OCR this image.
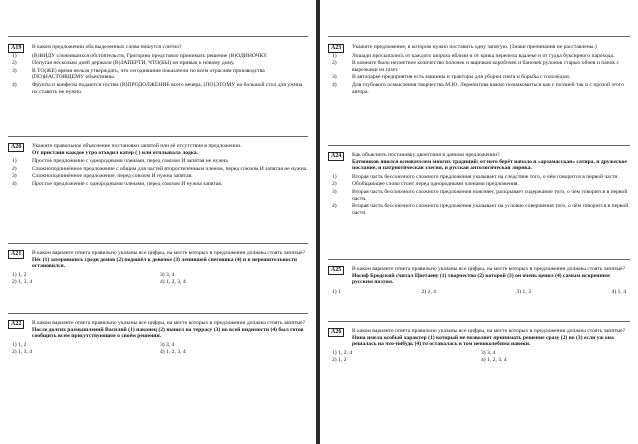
A19	В каком предложении оба выделенных слова пишутся слитно?
1)	(В)ВИДУ сложившихся обстоятельств, Григорию предстояло принимать решение (В)ОДИНОЧКУ.
2)	Попугая несколько дней держали (В)ЗАПЕРТИ, ЧТО(БЫ) он привык к новому дому.
3)	В ТО(ЖЕ) время нельзя утверждать, что сегодняшние показатели по всем отраслям производства (ПО)НАСТОЯЩЕМУ объективны.
4)	Фрукты и конфеты подаются гостям (В)ПРОДОЛЖЕНИЕ всего вечера, (ПО)ЭТОМУ на большой стол для ужина их ставить не нужно.
A20	Укажите правильное объяснение постановки запятой или её отсутствия в предложении.
От пристани каждое утро отходил катер ( ) или отплывала лодка.
1)	Простое предложение с однородными членами, перед союзом И запятая не нужна.
2)	Сложноподчинённое предложение с общим для частей второстепенным членом, перед союзом И запятая не нужна.
3)	Сложноподчинённое предложение, перед союзом И нужна запятая.
4)	Простое предложение с однородными членами, перед союзом И нужна запятая.
A21	В каком варианте ответа правильно указаны все цифры, на месте которых в предложении должны стоять запятые?
Пёс (1) затерявшись среди домов (2) подошёл к девочке (3) лепившей снеговика (4) и в нерешительности остановился.
1) 1, 2	3) 3, 4
2) 1, 3, 4	4) 1, 2, 3, 4
A22	В каком варианте ответа правильно указаны все цифры, на месте которых в предложении должны стоять запятые?
После долгих размышлений Василий (1) наконец (2) вышел на террасу (3) но всей видимости (4) был готов сообщить всем присутствующим о своём решении.
1) 1, 2	3) 3, 4
2) 1, 3, 4	4) 1, 2, 3, 4
A23	Укажите предложение, в котором нужно поставить одну запятую. (Знаки препинания не расставлены.)
1)	Лошади просыпались от каждого шороха вблизи и от крика перепела вдалеке и от гудка буксирного парохода.
2)	В комнате было несметное количество полочек и ящичков коробочек и баночек рулонов старых обоев и папок с вырезками из газет.
3)	В автопарке предприятия есть машины и тракторы для уборки снега и борьбы с гололёдом.
4)	Для глубокого осмысления творчества М.Ю. Лермонтова важно познакомиться как с поэзией так и с прозой этого автора.
A24	Как объяснить постановку двоеточия в данном предложении?
Батюшков явился основателем многих традиций: от него берёт начало и «арзамасская» сатира, и дружеское послание, и патриотическая элегия, и русская антологическая лирика.
1)	Вторая часть бессоюзного сложного предложения указывает на следствие того, о чём говорится в первой части.
2)	Обобщающее слово стоит перед однородными членами предложения.
3)	Вторая часть бессоюзного сложного предложения поясняет, раскрывает содержание того, о чём говорится в первой части.
4)	Вторая часть бессоюзного сложного предложения указывает на условие совершения того, о чём говорится в первой части.
A25	В каком варианте ответа правильно указаны все цифры, на месте которых в предложении должны стоять запятые?
Иосиф Бродский считал Цветаеву (1) творчество (2) которой (3) он очень ценил (4) самым искренним русским поэтом.
1) 1	2) 2, 4	3) 1, 3	4) 1, 4
A26	В каком варианте ответа правильно указаны все цифры, на месте которых в предложении должны стоять запятые?
Нина имела особый характер (1) который не позволяет принимать решение сразу (2) но (3) если уж она решалась на что-нибудь (4) то оставалась в том непоколебима навеки.
1) 1, 2, 4	3) 3, 4
2) 1, 2	4) 1, 2, 3, 4
